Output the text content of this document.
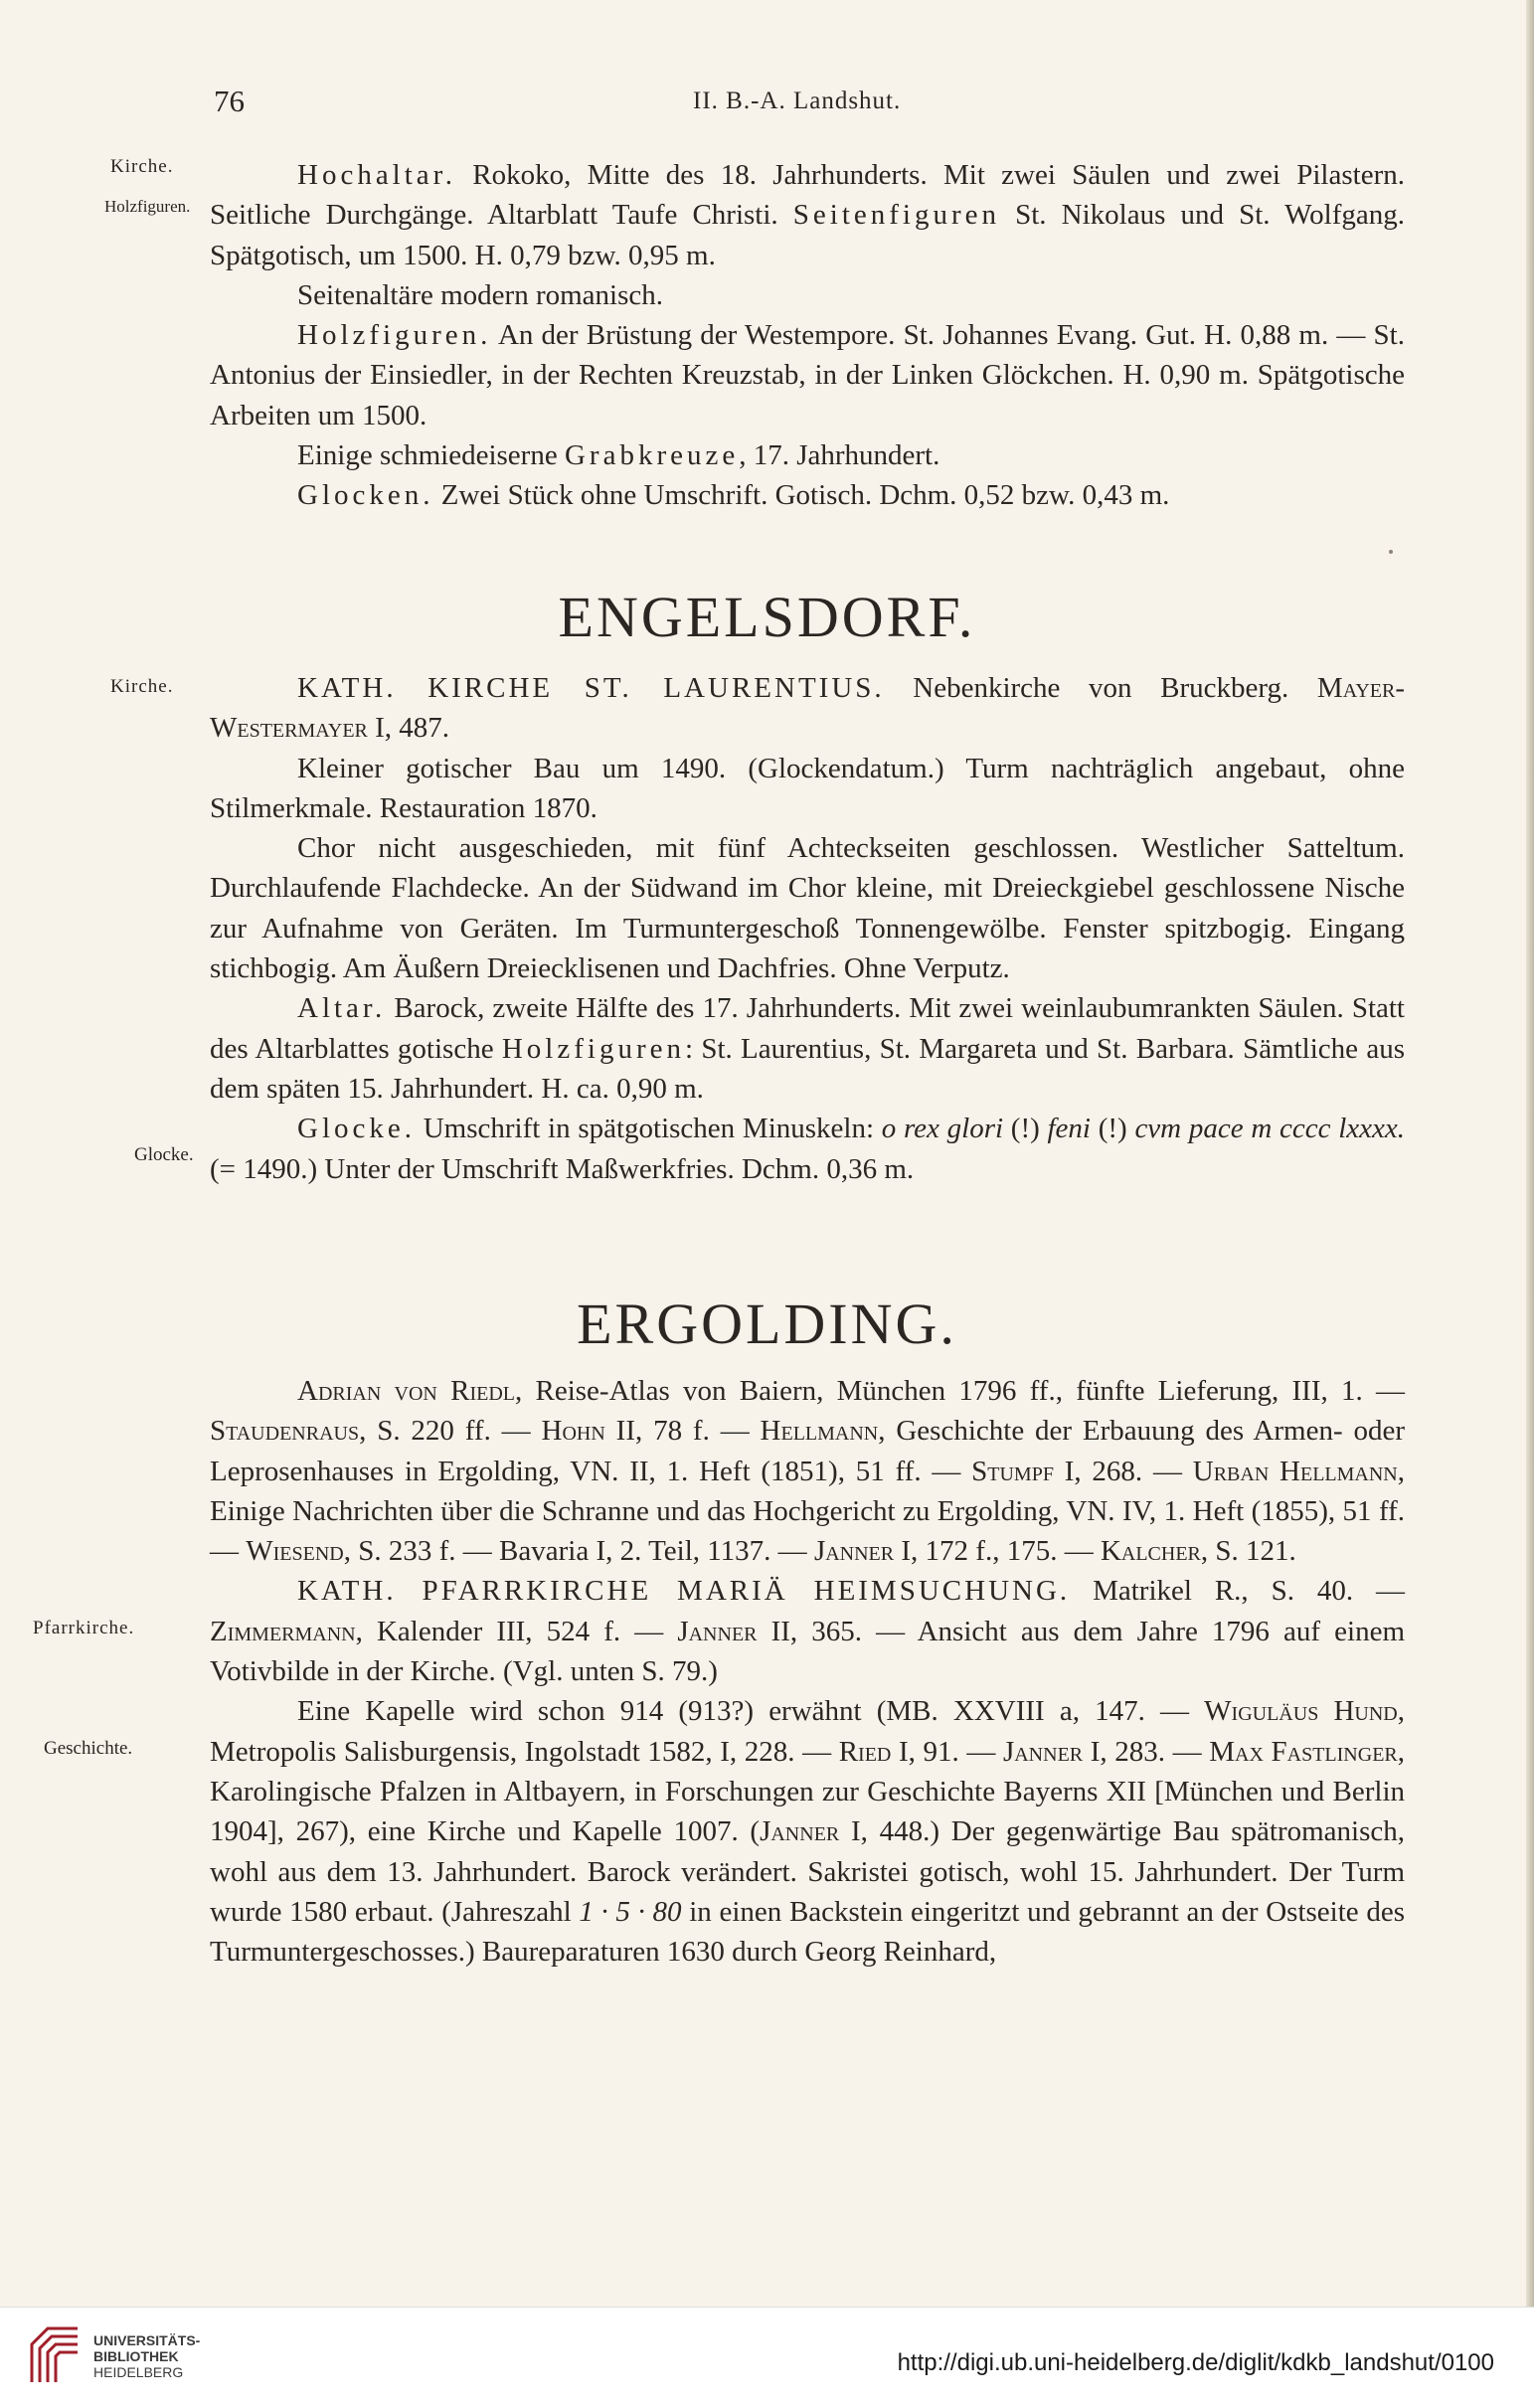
76	II. B.-A. Landshut.
Kirche.
Holzfiguren.
Kirche.
Glocke.
Pfarrkirche.
Geschichte.

Hochaltar. Rokoko, Mitte des 18. Jahrhunderts. Mit zwei Säulen und zwei Pilastern. Seitliche Durchgänge. Altarblatt Taufe Christi. Seitenfiguren St. Nikolaus und St. Wolfgang. Spätgotisch, um 1500. H. 0,79 bzw. 0,95 m.

Seitenaltäre modern romanisch.

Holzfiguren. An der Brüstung der Westempore. St. Johannes Evang. Gut. H. 0,88 m. — St. Antonius der Einsiedler, in der Rechten Kreuzstab, in der Linken Glöckchen. H. 0,90 m. Spätgotische Arbeiten um 1500.

Einige schmiedeiserne Grabkreuze, 17. Jahrhundert.

Glocken. Zwei Stück ohne Umschrift. Gotisch. Dchm. 0,52 bzw. 0,43 m.

ENGELSDORF.

KATH. KIRCHE ST. LAURENTIUS. Nebenkirche von Bruckberg. Mayer-Westermayer I, 487.

Kleiner gotischer Bau um 1490. (Glockendatum.) Turm nachträglich angebaut, ohne Stilmerkmale. Restauration 1870.

Chor nicht ausgeschieden, mit fünf Achteckseiten geschlossen. Westlicher Satteltum. Durchlaufende Flachdecke. An der Südwand im Chor kleine, mit Dreieckgiebel geschlossene Nische zur Aufnahme von Geräten. Im Turmuntergeschoß Tonnengewölbe. Fenster spitzbogig. Eingang stichbogig. Am Äußern Dreiecklisenen und Dachfries. Ohne Verputz.

Altar. Barock, zweite Hälfte des 17. Jahrhunderts. Mit zwei weinlaubumrankten Säulen. Statt des Altarblattes gotische Holzfiguren: St. Laurentius, St. Margareta und St. Barbara. Sämtliche aus dem späten 15. Jahrhundert. H. ca. 0,90 m.

Glocke. Umschrift in spätgotischen Minuskeln: o rex glori (!) feni (!) cvm pace m cccc lxxxx. (= 1490.) Unter der Umschrift Maßwerkfries. Dchm. 0,36 m.

ERGOLDING.

Adrian von Riedl, Reise-Atlas von Baiern, München 1796 ff., fünfte Lieferung, III, 1. — Staudenraus, S. 220 ff. — Hohn II, 78 f. — Hellmann, Geschichte der Erbauung des Armen- oder Leprosenhauses in Ergolding, VN. II, 1. Heft (1851), 51 ff. — Stumpf I, 268. — Urban Hellmann, Einige Nachrichten über die Schranne und das Hochgericht zu Ergolding, VN. IV, 1. Heft (1855), 51 ff. — Wiesend, S. 233 f. — Bavaria I, 2. Teil, 1137. — Janner I, 172 f., 175. — Kalcher, S. 121.

KATH. PFARRKIRCHE MARIÄ HEIMSUCHUNG. Matrikel R., S. 40. — Zimmermann, Kalender III, 524 f. — Janner II, 365. — Ansicht aus dem Jahre 1796 auf einem Votivbilde in der Kirche. (Vgl. unten S. 79.)

Eine Kapelle wird schon 914 (913?) erwähnt (MB. XXVIII a, 147. — Wiguläus Hund, Metropolis Salisburgensis, Ingolstadt 1582, I, 228. — Ried I, 91. — Janner I, 283. — Max Fastlinger, Karolingische Pfalzen in Altbayern, in Forschungen zur Geschichte Bayerns XII [München und Berlin 1904], 267), eine Kirche und Kapelle 1007. (Janner I, 448.) Der gegenwärtige Bau spätromanisch, wohl aus dem 13. Jahrhundert. Barock verändert. Sakristei gotisch, wohl 15. Jahrhundert. Der Turm wurde 1580 erbaut. (Jahreszahl 1 · 5 · 80 in einen Backstein eingeritzt und gebrannt an der Ostseite des Turmuntergeschosses.) Baureparaturen 1630 durch Georg Reinhard,

UNIVERSITÄTS-
BIBLIOTHEK
HEIDELBERG	http://digi.ub.uni-heidelberg.de/diglit/kdkb_landshut/0100
